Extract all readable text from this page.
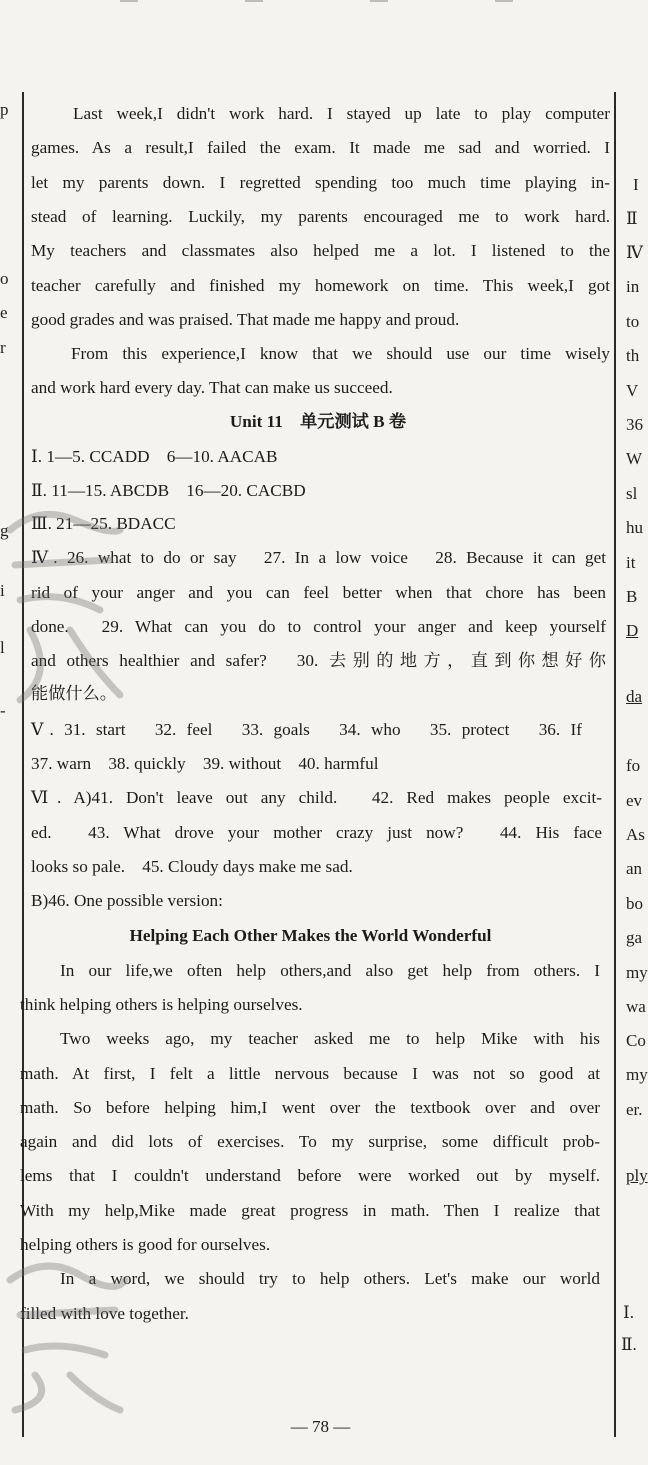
p
o
e
r
g
i
l
-
I
Ⅱ
Ⅳ
in
to
th
V
36
W
sl
hu
it
B
D
da
fo
ev
As
an
bo
ga
my
wa
Co
my
er.
ply
Ⅰ.
Ⅱ.
Last week,I didn't work hard. I stayed up late to play computer
games. As a result,I failed the exam. It made me sad and worried. I
let my parents down. I regretted spending too much time playing in-
stead of learning. Luckily, my parents encouraged me to work hard.
My teachers and classmates also helped me a lot. I listened to the
teacher carefully and finished my homework on time. This week,I got
good grades and was praised. That made me happy and proud.
From this experience,I know that we should use our time wisely
and work hard every day. That can make us succeed.
Unit 11　单元测试 B 卷
Ⅰ. 1—5. CCADD　6—10. AACAB
Ⅱ. 11—15. ABCDB　16—20. CACBD
Ⅲ. 21—25. BDACC
Ⅳ. 26. what to do or say　27. In a low voice　28. Because it can get
rid of your anger and you can feel better when that chore has been
done.　29. What can you do to control your anger and keep yourself
and others healthier and safer?　30. 去别的地方，直到你想好你
能做什么。
Ⅴ. 31. start　32. feel　33. goals　34. who　35. protect　36. If
37. warn　38. quickly　39. without　40. harmful
Ⅵ. A)41. Don't leave out any child.　42. Red makes people excit-
ed.　43. What drove your mother crazy just now?　44. His face
looks so pale.　45. Cloudy days make me sad.
B)46. One possible version:
Helping Each Other Makes the World Wonderful
In our life,we often help others,and also get help from others. I
think helping others is helping ourselves.
Two weeks ago, my teacher asked me to help Mike with his
math. At first, I felt a little nervous because I was not so good at
math. So before helping him,I went over the textbook over and over
again and did lots of exercises. To my surprise, some difficult prob-
lems that I couldn't understand before were worked out by myself.
With my help,Mike made great progress in math. Then I realize that
helping others is good for ourselves.
In a word, we should try to help others. Let's make our world
filled with love together.
— 78 —
